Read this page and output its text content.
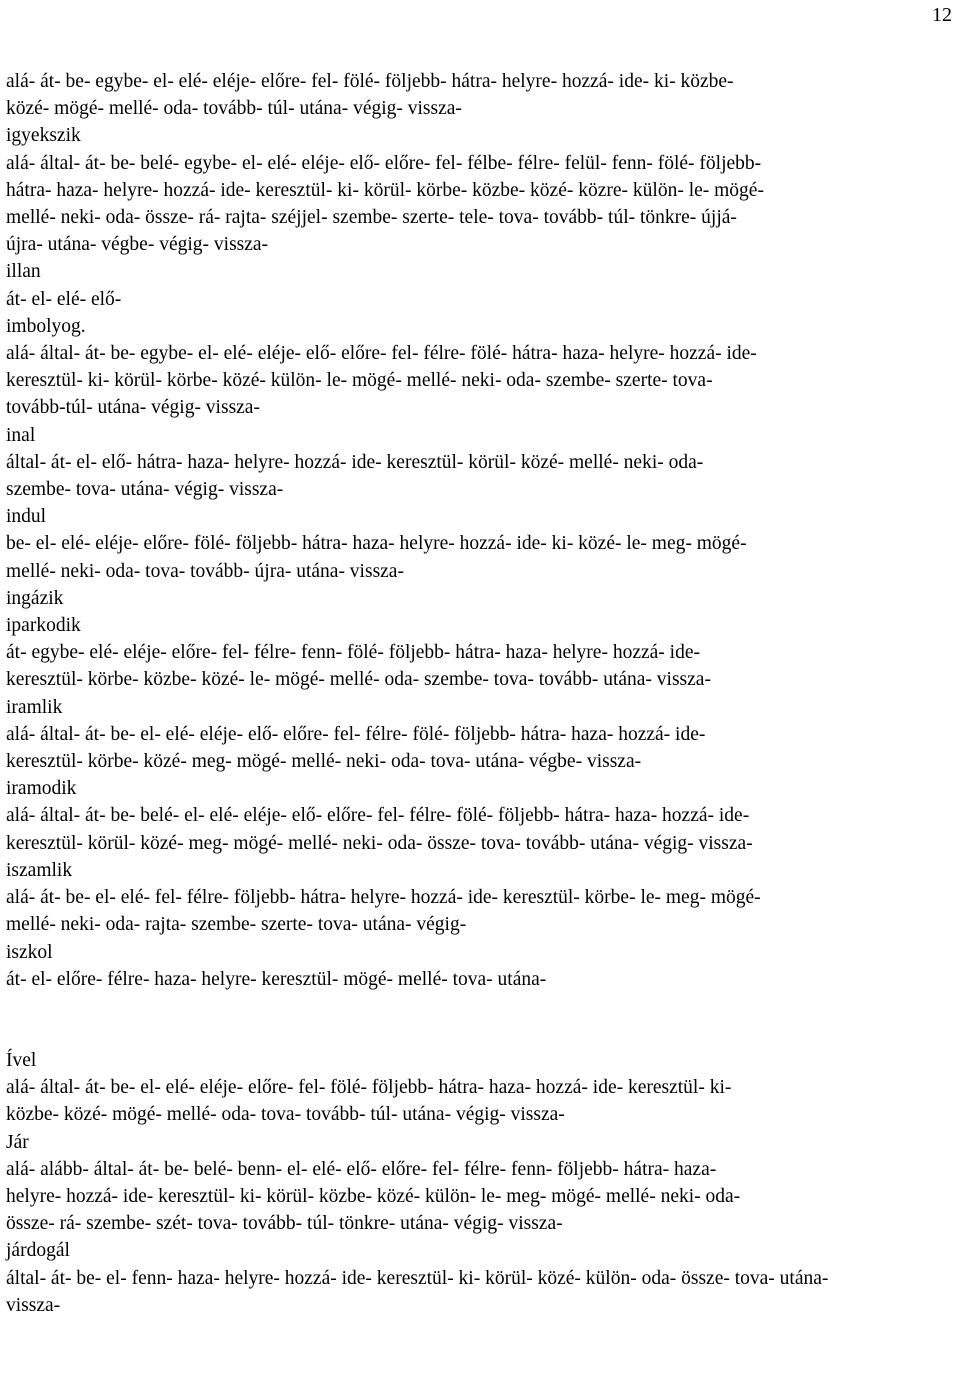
12
alá- át- be- egybe- el- elé- eléje- előre- fel- fölé- följebb- hátra- helyre- hozzá- ide- ki- közbe-
közé- mögé- mellé- oda- tovább- túl- utána- végig- vissza-
igyekszik
alá- által- át- be- belé- egybe- el- elé- eléje- elő- előre- fel- félbe- félre- felül- fenn- fölé- följebb-
hátra- haza- helyre- hozzá- ide- keresztül- ki- körül- körbe- közbe- közé- közre- külön- le- mögé-
mellé- neki- oda- össze- rá- rajta- széjjel- szembe- szerte- tele- tova- tovább- túl- tönkre- újjá-
újra- utána- végbe- végig- vissza-
illan
át- el- elé- elő-
imbolyog.
alá- által- át- be- egybe- el- elé- eléje- elő- előre- fel- félre- fölé- hátra- haza- helyre- hozzá- ide-
keresztül- ki- körül- körbe- közé- külön- le- mögé- mellé- neki- oda- szembe- szerte- tova-
tovább-túl- utána- végig- vissza-
inal
által- át- el- elő- hátra- haza- helyre- hozzá- ide- keresztül- körül- közé- mellé- neki- oda-
szembe- tova- utána- végig- vissza-
indul
be- el- elé- eléje- előre- fölé- följebb- hátra- haza- helyre- hozzá- ide- ki- közé- le- meg- mögé-
mellé- neki- oda- tova- tovább- újra- utána- vissza-
ingázik
iparkodik
át- egybe- elé- eléje- előre- fel- félre- fenn- fölé- följebb- hátra- haza- helyre- hozzá- ide-
keresztül- körbe- közbe- közé- le- mögé- mellé- oda- szembe- tova- tovább- utána- vissza-
iramlik
alá- által- át- be- el- elé- eléje- elő- előre- fel- félre- fölé- följebb- hátra- haza- hozzá- ide-
keresztül- körbe- közé- meg- mögé- mellé- neki- oda- tova- utána- végbe- vissza-
iramodik
alá- által- át- be- belé- el- elé- eléje- elő- előre- fel- félre- fölé- följebb- hátra- haza- hozzá- ide-
keresztül- körül- közé- meg- mögé- mellé- neki- oda- össze- tova- tovább- utána- végig- vissza-
iszamlik
alá- át- be- el- elé- fel- félre- följebb- hátra- helyre- hozzá- ide- keresztül- körbe- le- meg- mögé-
mellé- neki- oda- rajta- szembe- szerte- tova- utána- végig-
iszkol
át- el- előre- félre- haza- helyre- keresztül- mögé- mellé- tova- utána-
Ível
alá- által- át- be- el- elé- eléje- előre- fel- fölé- följebb- hátra- haza- hozzá- ide- keresztül- ki-
közbe- közé- mögé- mellé- oda- tova- tovább- túl- utána- végig- vissza-
Jár
alá- alább- által- át- be- belé- benn- el- elé- elő- előre- fel- félre- fenn- följebb- hátra- haza-
helyre- hozzá- ide- keresztül- ki- körül- közbe- közé- külön- le- meg- mögé- mellé- neki- oda-
össze- rá- szembe- szét- tova- tovább- túl- tönkre- utána- végig- vissza-
járdogál
által- át- be- el- fenn- haza- helyre- hozzá- ide- keresztül- ki- körül- közé- külön- oda- össze- tova- utána-
vissza-
